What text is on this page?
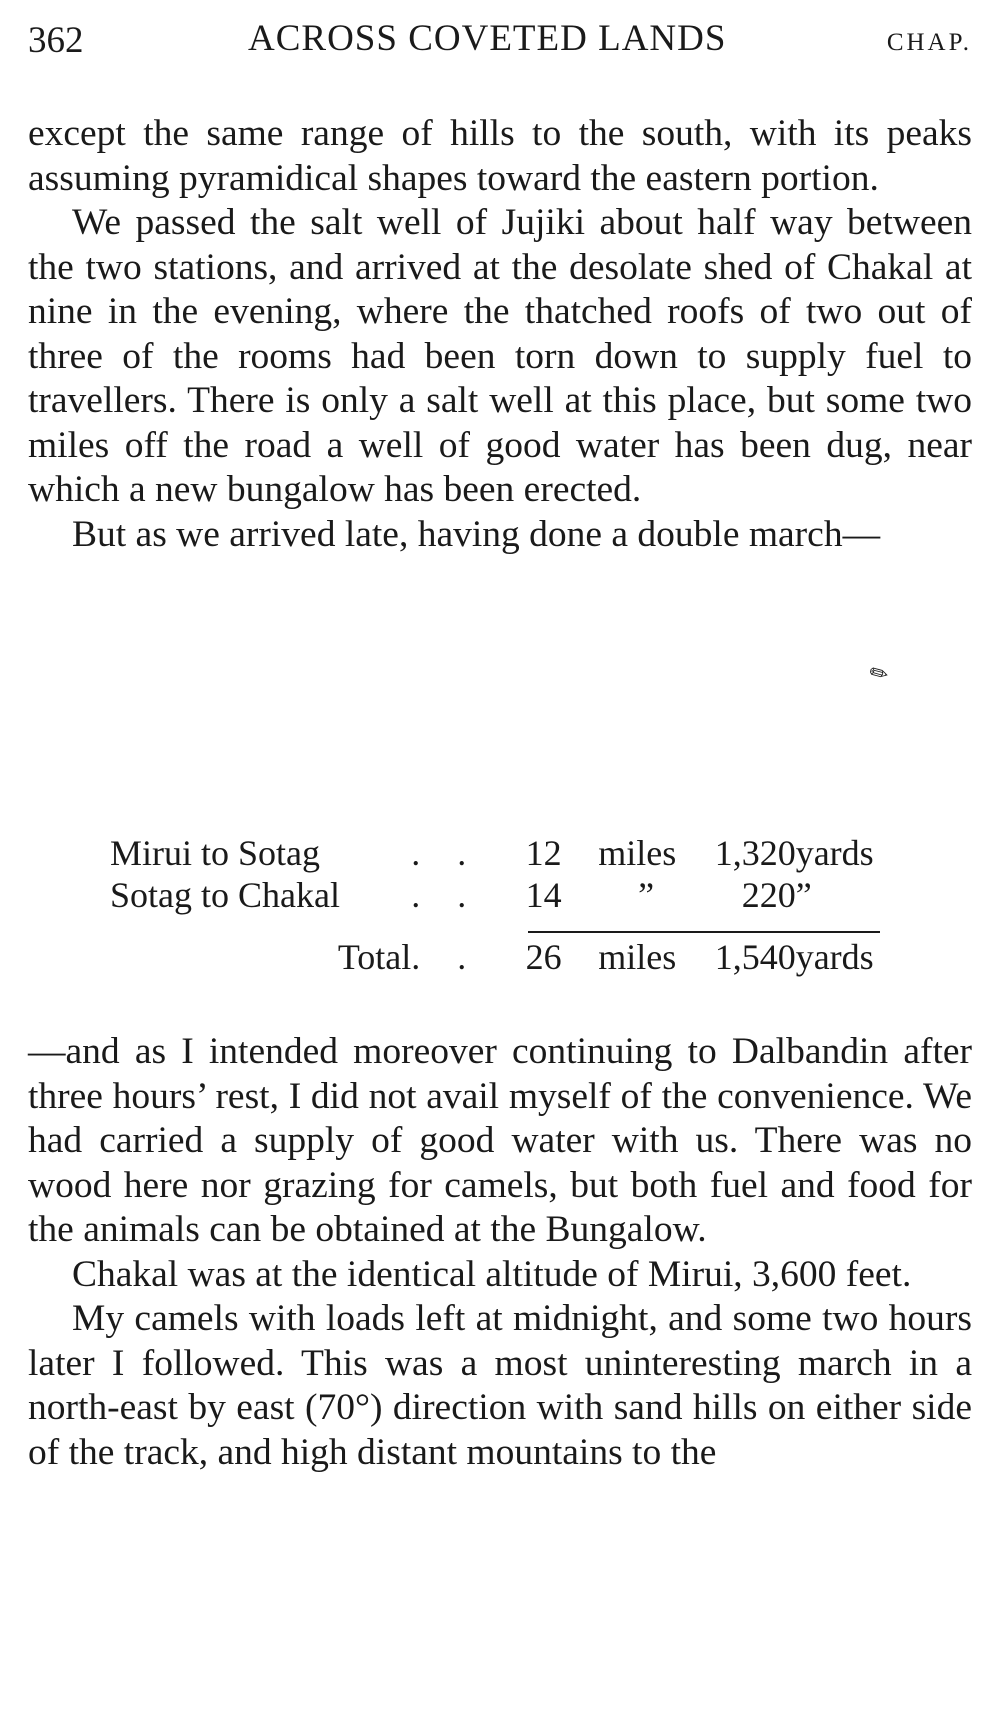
362	ACROSS COVETED LANDS	CHAP.

except the same range of hills to the south, with its peaks assuming pyramidical shapes toward the eastern portion.

We passed the salt well of Jujiki about half way between the two stations, and arrived at the desolate shed of Chakal at nine in the evening, where the thatched roofs of two out of three of the rooms had been torn down to supply fuel to travellers. There is only a salt well at this place, but some two miles off the road a well of good water has been dug, near which a new bungalow has been erected.

But as we arrived late, having done a double march—

✎
Mirui to Sotag	. .	12	miles	1,320	yards
Sotag to Chakal	. .	14	”	220	”
Total	. .	26	miles	1,540	yards

—and as I intended moreover continuing to Dalbandin after three hours’ rest, I did not avail myself of the convenience. We had carried a supply of good water with us. There was no wood here nor grazing for camels, but both fuel and food for the animals can be obtained at the Bungalow.

Chakal was at the identical altitude of Mirui, 3,600 feet.

My camels with loads left at midnight, and some two hours later I followed. This was a most uninteresting march in a north-east by east (70°) direction with sand hills on either side of the track, and high distant mountains to the
